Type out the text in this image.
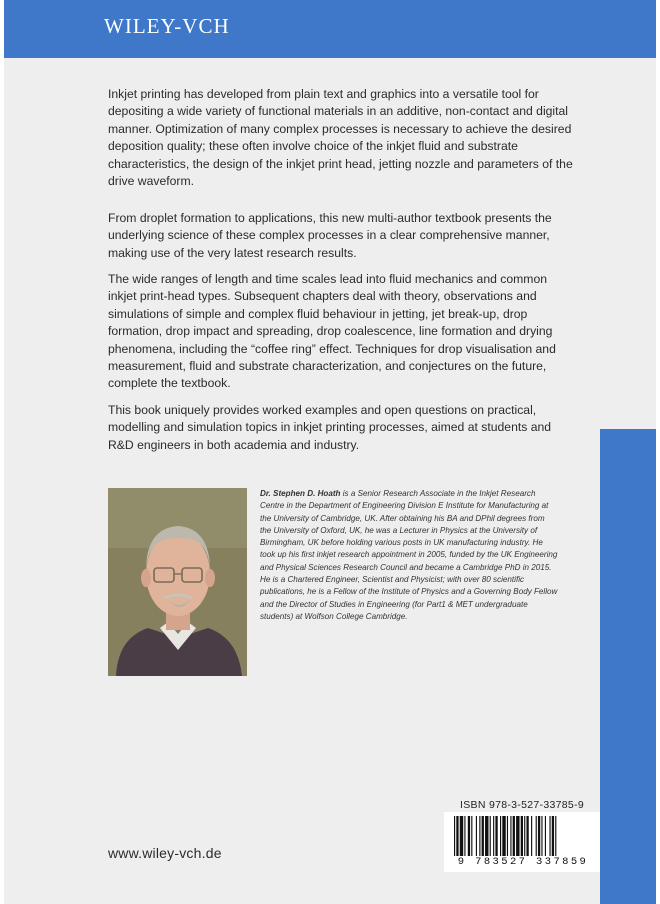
WILEY-VCH

Inkjet printing has developed from plain text and graphics into a versatile tool for depositing a wide variety of functional materials in an additive, non-contact and digital manner. Optimization of many complex processes is necessary to achieve the desired deposition quality; these often involve choice of the inkjet fluid and substrate characteristics, the design of the inkjet print head, jetting nozzle and parameters of the drive waveform.

From droplet formation to applications, this new multi-author textbook presents the underlying science of these complex processes in a clear comprehensive manner, making use of the very latest research results.

The wide ranges of length and time scales lead into fluid mechanics and common inkjet print-head types. Subsequent chapters deal with theory, observations and simulations of simple and complex fluid behaviour in jetting, jet break-up, drop formation, drop impact and spreading, drop coalescence, line formation and drying phenomena, including the “coffee ring” effect. Techniques for drop visualisation and measurement, fluid and substrate characterization, and conjectures on the future, complete the textbook.

This book uniquely provides worked examples and open questions on practical, modelling and simulation topics in inkjet printing processes, aimed at students and R&D engineers in both academia and industry.

Dr. Stephen D. Hoath is a Senior Research Associate in the Inkjet Research Centre in the Department of Engineering Division E Institute for Manufacturing at the University of Cambridge, UK. After obtaining his BA and DPhil degrees from the University of Oxford, UK, he was a Lecturer in Physics at the University of Birmingham, UK before holding various posts in UK manufacturing industry. He took up his first inkjet research appointment in 2005, funded by the UK Engineering and Physical Sciences Research Council and became a Cambridge PhD in 2015. He is a Chartered Engineer, Scientist and Physicist; with over 80 scientific publications, he is a Fellow of the Institute of Physics and a Governing Body Fellow and the Director of Studies in Engineering (for Part1 & MET undergraduate students) at Wolfson College Cambridge.

ISBN 978-3-527-33785-9
9 783527 337859
www.wiley-vch.de
